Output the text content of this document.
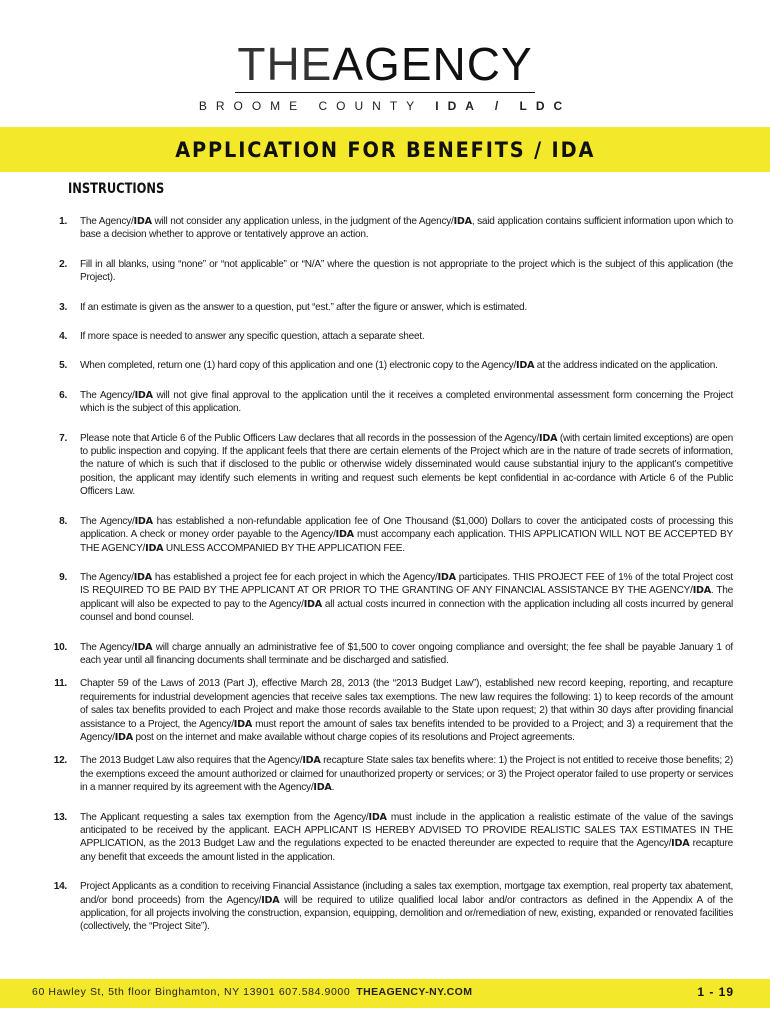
THEAGENCY
BROOME COUNTY IDA / LDC
APPLICATION FOR BENEFITS / IDA
INSTRUCTIONS
1. The Agency/IDA will not consider any application unless, in the judgment of the Agency/IDA, said application contains sufficient information upon which to base a decision whether to approve or tentatively approve an action.
2. Fill in all blanks, using “none” or “not applicable” or “N/A” where the question is not appropriate to the project which is the subject of this application (the Project).
3. If an estimate is given as the answer to a question, put “est.” after the figure or answer, which is estimated.
4. If more space is needed to answer any specific question, attach a separate sheet.
5. When completed, return one (1) hard copy of this application and one (1) electronic copy to the Agency/IDA at the address indicated on the application.
6. The Agency/IDA will not give final approval to the application until the it receives a completed environmental assessment form concerning the Project which is the subject of this application.
7. Please note that Article 6 of the Public Officers Law declares that all records in the possession of the Agency/IDA (with certain limited exceptions) are open to public inspection and copying. If the applicant feels that there are certain elements of the Project which are in the nature of trade secrets of information, the nature of which is such that if disclosed to the public or otherwise widely disseminated would cause substantial injury to the applicant’s competitive position, the applicant may identify such elements in writing and request such elements be kept confidential in ac-cordance with Article 6 of the Public Officers Law.
8. The Agency/IDA has established a non-refundable application fee of One Thousand ($1,000) Dollars to cover the anticipated costs of processing this application. A check or money order payable to the Agency/IDA must accompany each application. THIS APPLICATION WILL NOT BE ACCEPTED BY THE AGENCY/IDA UNLESS ACCOMPANIED BY THE APPLICATION FEE.
9. The Agency/IDA has established a project fee for each project in which the Agency/IDA participates. THIS PROJECT FEE of 1% of the total Project cost IS REQUIRED TO BE PAID BY THE APPLICANT AT OR PRIOR TO THE GRANTING OF ANY FINANCIAL ASSISTANCE BY THE AGENCY/IDA. The applicant will also be expected to pay to the Agency/IDA all actual costs incurred in connection with the application including all costs incurred by general counsel and bond counsel.
10. The Agency/IDA will charge annually an administrative fee of $1,500 to cover ongoing compliance and oversight; the fee shall be payable January 1 of each year until all financing documents shall terminate and be discharged and satisfied.
11. Chapter 59 of the Laws of 2013 (Part J), effective March 28, 2013 (the “2013 Budget Law”), established new record keeping, reporting, and recapture requirements for industrial development agencies that receive sales tax exemptions. The new law requires the following: 1) to keep records of the amount of sales tax benefits provided to each Project and make those records available to the State upon request; 2) that within 30 days after providing financial assistance to a Project, the Agency/IDA must report the amount of sales tax benefits intended to be provided to a Project; and 3) a requirement that the Agency/IDA post on the internet and make available without charge copies of its resolutions and Project agreements.
12. The 2013 Budget Law also requires that the Agency/IDA recapture State sales tax benefits where: 1) the Project is not entitled to receive those benefits; 2) the exemptions exceed the amount authorized or claimed for unauthorized property or services; or 3) the Project operator failed to use property or services in a manner required by its agreement with the Agency/IDA.
13. The Applicant requesting a sales tax exemption from the Agency/IDA must include in the application a realistic estimate of the value of the savings anticipated to be received by the applicant. EACH APPLICANT IS HEREBY ADVISED TO PROVIDE REALISTIC SALES TAX ESTIMATES IN THE APPLICATION, as the 2013 Budget Law and the regulations expected to be enacted thereunder are expected to require that the Agency/IDA recapture any benefit that exceeds the amount listed in the application.
14. Project Applicants as a condition to receiving Financial Assistance (including a sales tax exemption, mortgage tax exemption, real property tax abatement, and/or bond proceeds) from the Agency/IDA will be required to utilize qualified local labor and/or contractors as defined in the Appendix A of the application, for all projects involving the construction, expansion, equipping, demolition and or/remediation of new, existing, expanded or renovated facilities (collectively, the “Project Site”).
60 Hawley St, 5th floor Binghamton, NY 13901 607.584.9000 THEAGENCY-NY.COM	1 - 19
